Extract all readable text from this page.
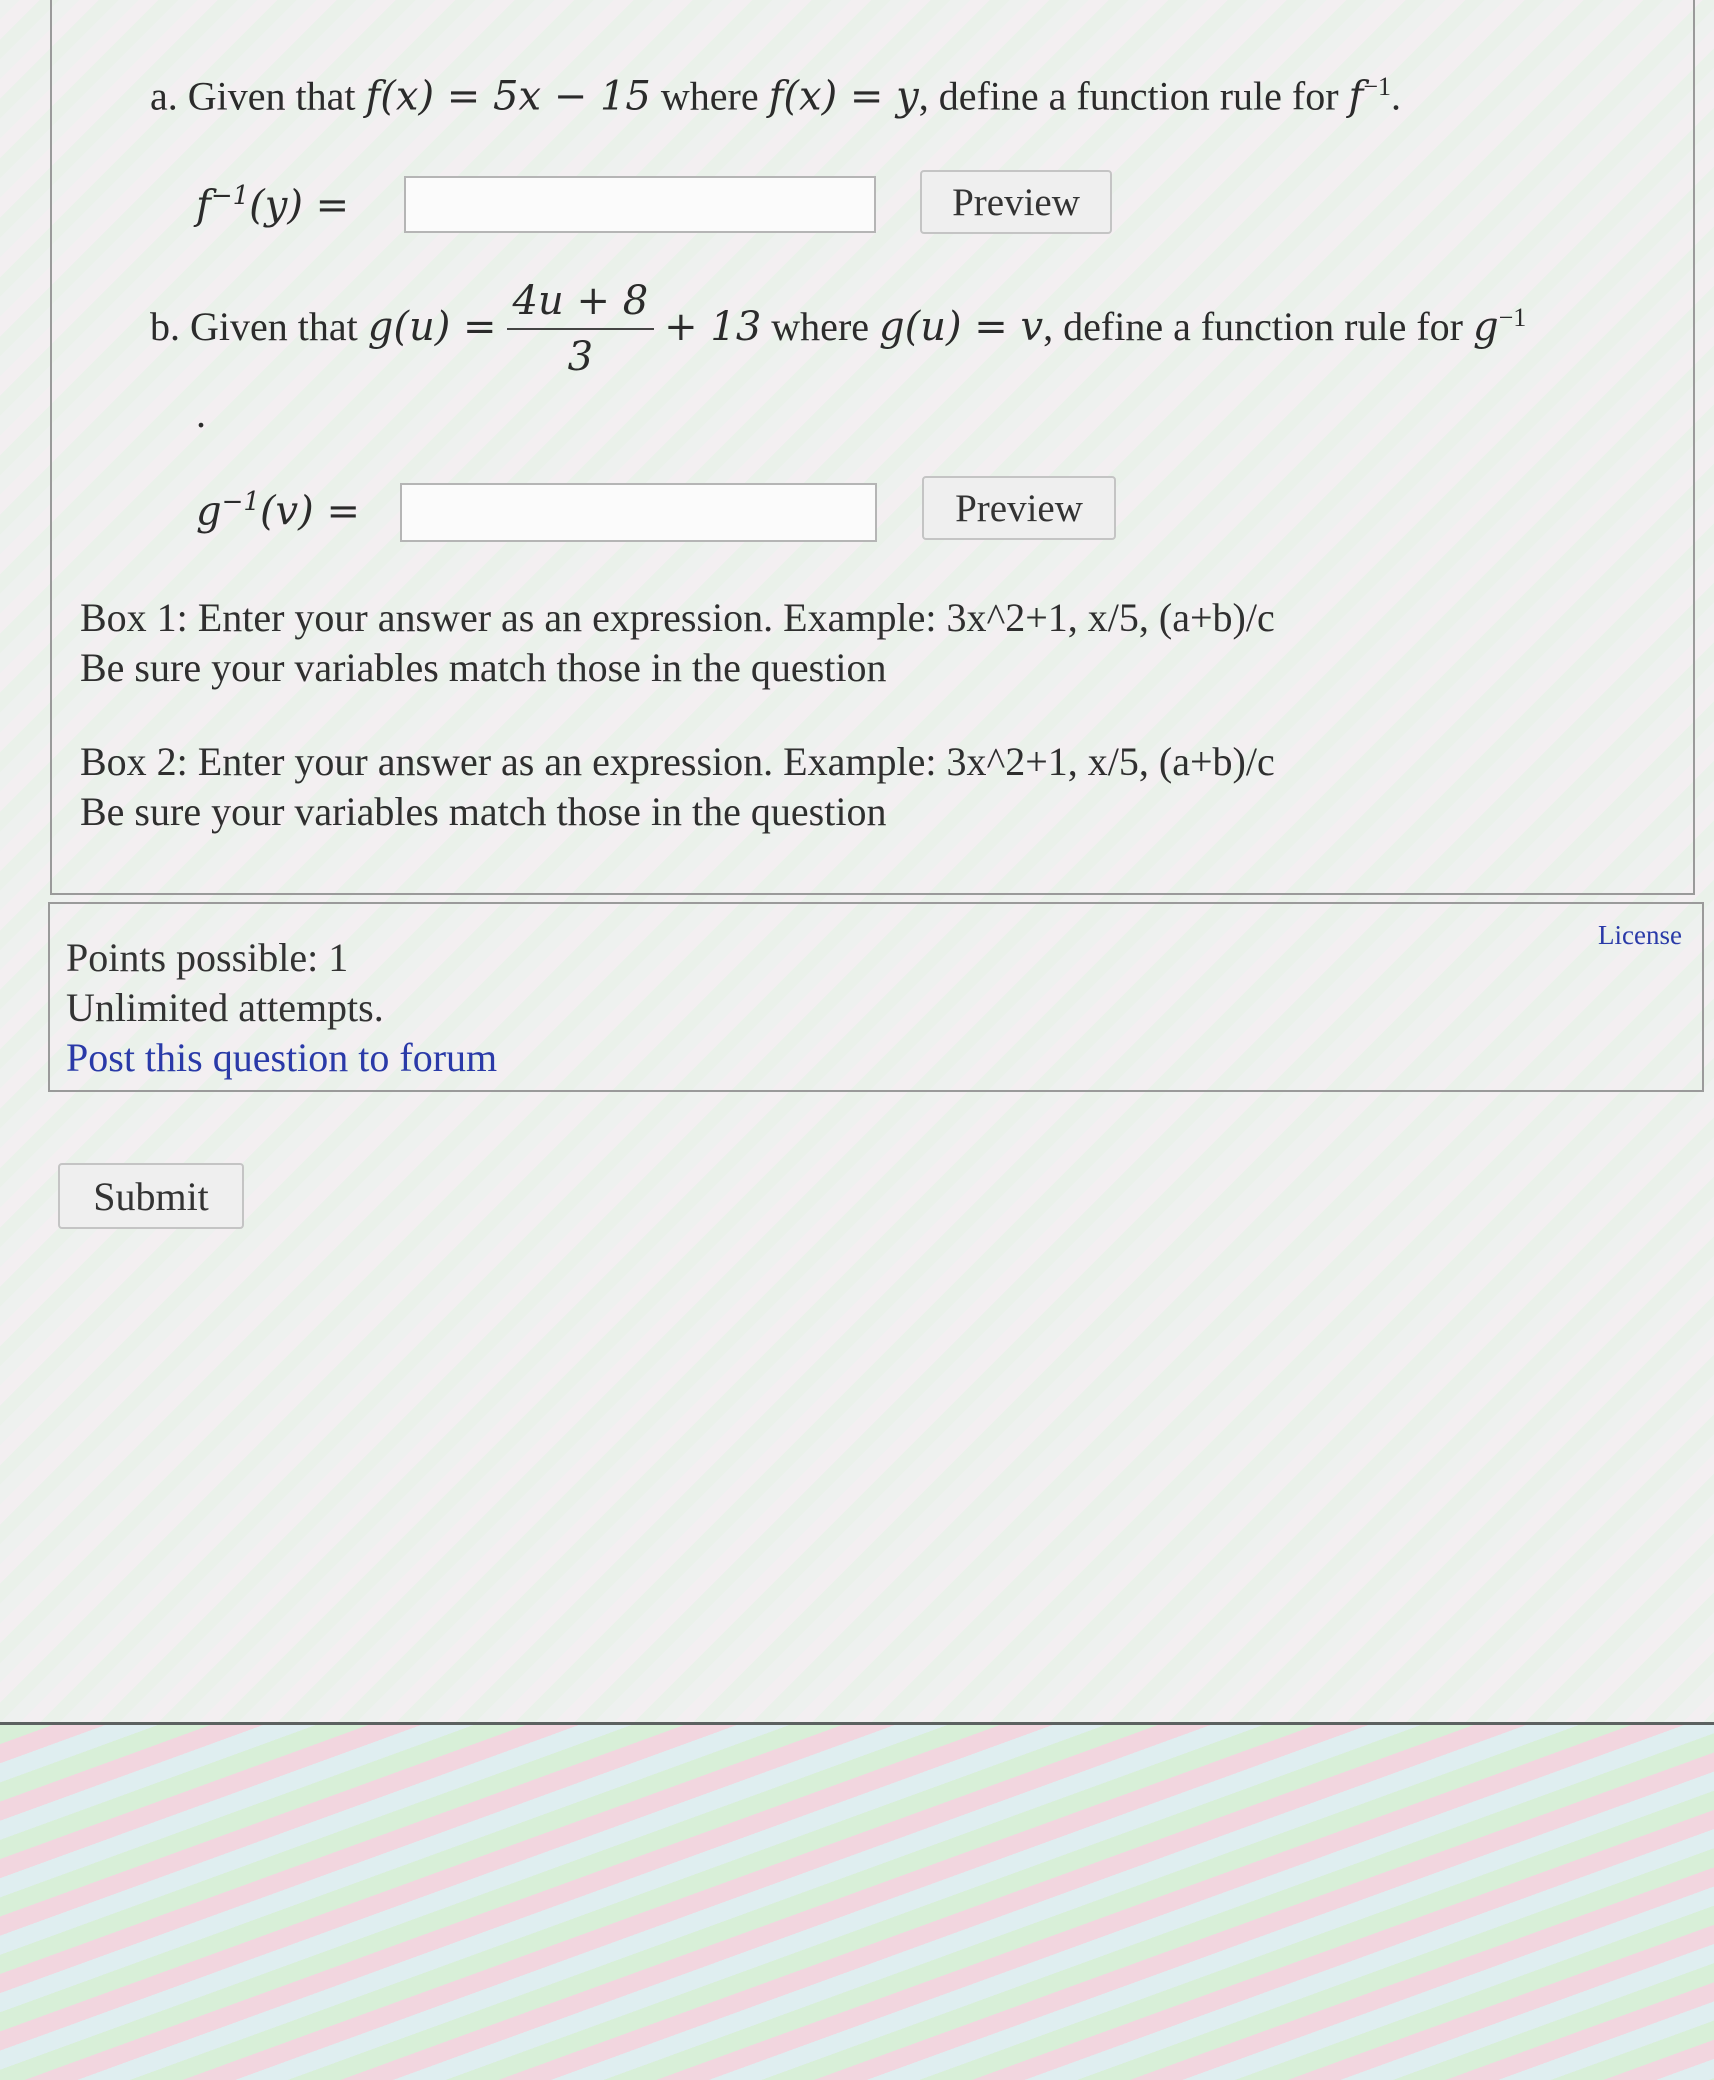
a. Given that f(x) = 5x − 15 where f(x) = y, define a function rule for $f^{-1}$.
$f^{-1}(y)$ =	Preview
b. Given that $g(u) = \frac{4u + 8}{3} + 13$ where g(u) = v, define a function rule for $g^{-1}$
.
$g^{-1}(v)$ =	Preview
Box 1: Enter your answer as an expression. Example: 3x^2+1, x/5, (a+b)/c
Be sure your variables match those in the question
Box 2: Enter your answer as an expression. Example: 3x^2+1, x/5, (a+b)/c
Be sure your variables match those in the question
Points possible: 1
Unlimited attempts.
Post this question to forum
License
Submit
